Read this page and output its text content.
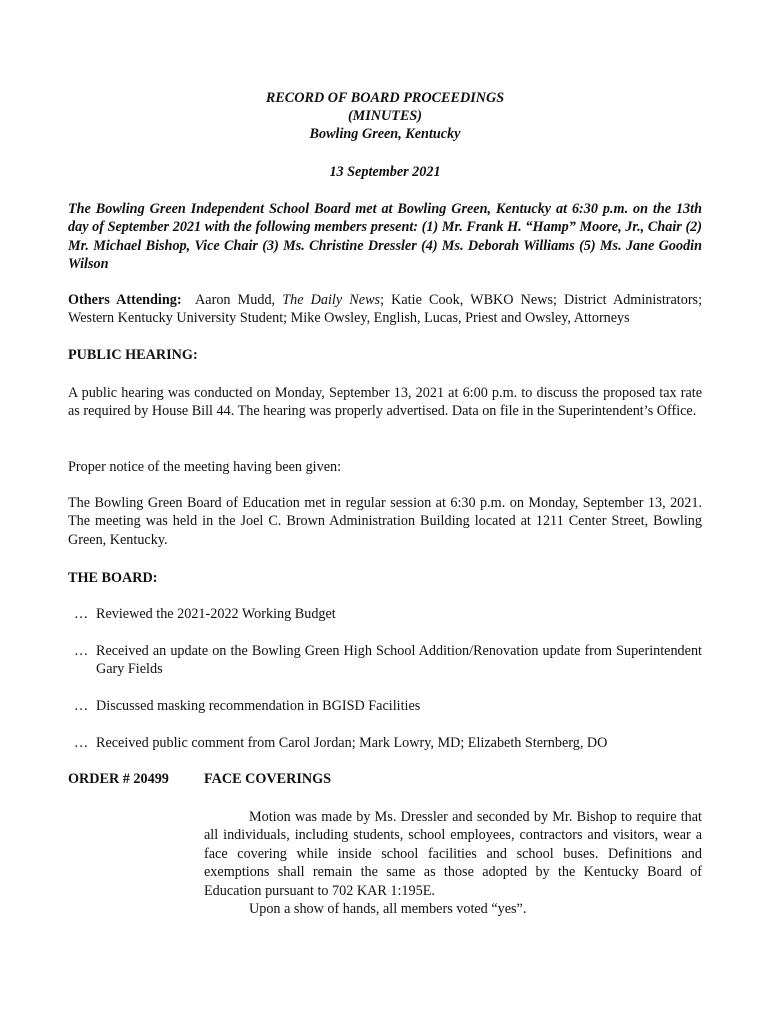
RECORD OF BOARD PROCEEDINGS
(MINUTES)
Bowling Green, Kentucky
13 September 2021
The Bowling Green Independent School Board met at Bowling Green, Kentucky at 6:30 p.m. on the 13th day of September 2021 with the following members present: (1) Mr. Frank H. “Hamp” Moore, Jr., Chair (2) Mr. Michael Bishop, Vice Chair (3) Ms. Christine Dressler (4) Ms. Deborah Williams (5) Ms. Jane Goodin Wilson
Others Attending: Aaron Mudd, The Daily News; Katie Cook, WBKO News; District Administrators; Western Kentucky University Student; Mike Owsley, English, Lucas, Priest and Owsley, Attorneys
PUBLIC HEARING:
A public hearing was conducted on Monday, September 13, 2021 at 6:00 p.m. to discuss the proposed tax rate as required by House Bill 44. The hearing was properly advertised. Data on file in the Superintendent’s Office.
Proper notice of the meeting having been given:
The Bowling Green Board of Education met in regular session at 6:30 p.m. on Monday, September 13, 2021. The meeting was held in the Joel C. Brown Administration Building located at 1211 Center Street, Bowling Green, Kentucky.
THE BOARD:
… Reviewed the 2021-2022 Working Budget
… Received an update on the Bowling Green High School Addition/Renovation update from Superintendent Gary Fields
… Discussed masking recommendation in BGISD Facilities
… Received public comment from Carol Jordan; Mark Lowry, MD; Elizabeth Sternberg, DO
ORDER # 20499 FACE COVERINGS
Motion was made by Ms. Dressler and seconded by Mr. Bishop to require that all individuals, including students, school employees, contractors and visitors, wear a face covering while inside school facilities and school buses. Definitions and exemptions shall remain the same as those adopted by the Kentucky Board of Education pursuant to 702 KAR 1:195E.
Upon a show of hands, all members voted “yes”.
